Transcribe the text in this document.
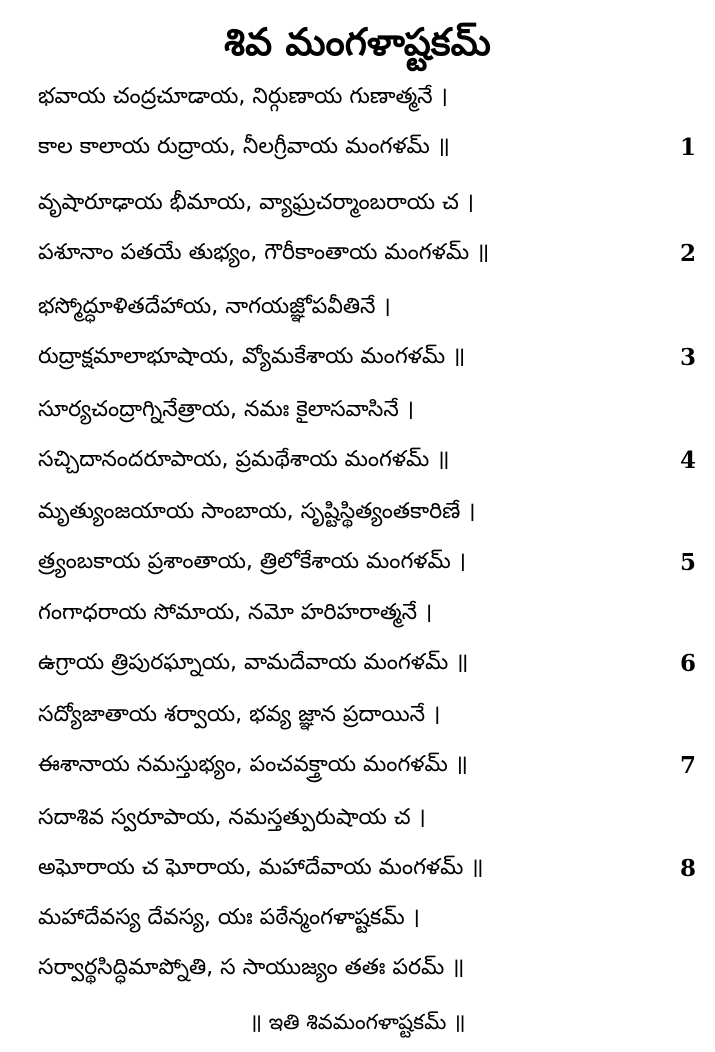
శివ మంగళాష్టకమ్
భవాయ చంద్రచూడాయ, నిర్గుణాయ గుణాత్మనే ।
కాల కాలాయ రుద్రాయ, నీలగ్రీవాయ మంగళమ్ ॥	1
వృషారూఢాయ భీమాయ, వ్యాఘ్రచర్మాంబరాయ చ ।
పశూనాం పతయే తుభ్యం, గౌరీకాంతాయ మంగళమ్ ॥	2
భస్మోద్ధూళితదేహాయ, నాగయజ్ఞోపవీతినే ।
రుద్రాక్షమాలాభూషాయ, వ్యోమకేశాయ మంగళమ్ ॥	3
సూర్యచంద్రాగ్నినేత్రాయ, నమః కైలాసవాసినే ।
సచ్చిదానందరూపాయ, ప్రమథేశాయ మంగళమ్ ॥	4
మృత్యుంజయాయ సాంబాయ, సృష్టిస్థిత్యంతకారిణే ।
త్ర్యంబకాయ ప్రశాంతాయ, త్రిలోకేశాయ మంగళమ్ ।	5
గంగాధరాయ సోమాయ, నమో హరిహరాత్మనే ।
ఉగ్రాయ త్రిపురఘ్నాయ, వామదేవాయ మంగళమ్ ॥	6
సద్యోజాతాయ శర్వాయ, భవ్య జ్ఞాన ప్రదాయినే ।
ఈశానాయ నమస్తుభ్యం, పంచవక్త్రాయ మంగళమ్ ॥	7
సదాశివ స్వరూపాయ, నమస్తత్పురుషాయ చ ।
అఘోరాయ చ ఘోరాయ, మహాదేవాయ మంగళమ్ ॥	8
మహాదేవస్య దేవస్య, యః పఠేన్మంగళాష్టకమ్ ।
సర్వార్థసిద్ధిమాప్నోతి, స సాయుజ్యం తతః పరమ్ ॥
॥ ఇతి శివమంగళాష్టకమ్ ॥
